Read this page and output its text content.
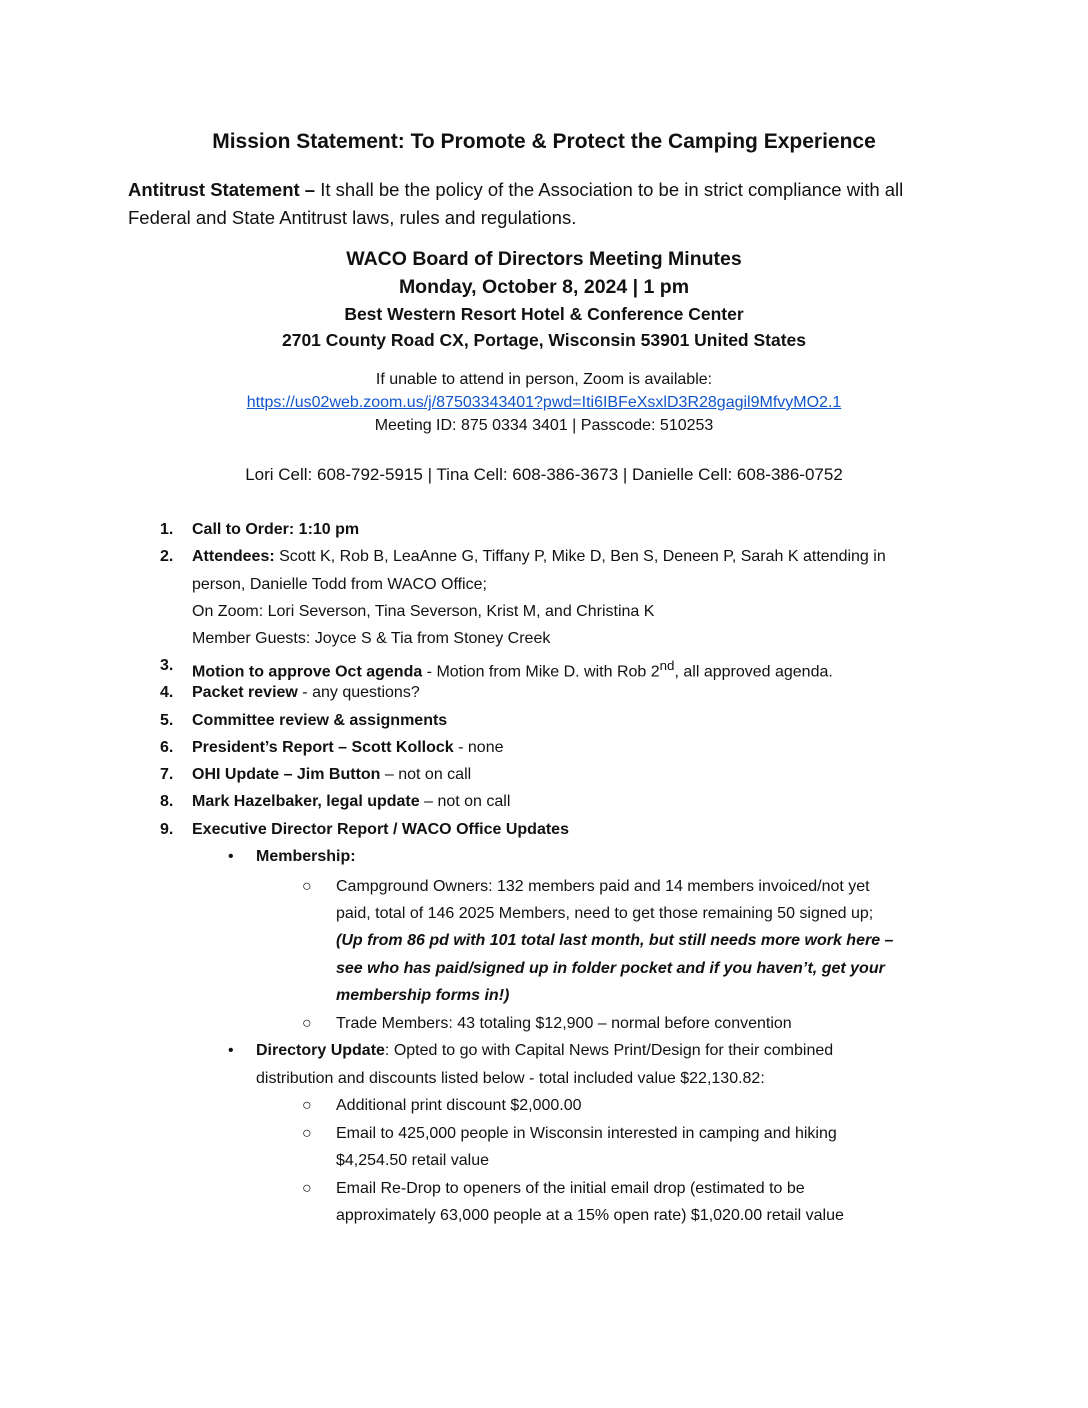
Mission Statement: To Promote & Protect the Camping Experience
Antitrust Statement – It shall be the policy of the Association to be in strict compliance with all Federal and State Antitrust laws, rules and regulations.
WACO Board of Directors Meeting Minutes
Monday, October 8, 2024 | 1 pm
Best Western Resort Hotel & Conference Center
2701 County Road CX, Portage, Wisconsin 53901 United States
If unable to attend in person, Zoom is available:
https://us02web.zoom.us/j/87503343401?pwd=Iti6IBFeXsxlD3R28gagil9MfvyMO2.1
Meeting ID: 875 0334 3401 | Passcode: 510253
Lori Cell: 608-792-5915 | Tina Cell: 608-386-3673 | Danielle Cell: 608-386-0752
1.	Call to Order: 1:10 pm
2.	Attendees: Scott K, Rob B, LeaAnne G, Tiffany P, Mike D, Ben S, Deneen P, Sarah K attending in
person, Danielle Todd from WACO Office;
On Zoom: Lori Severson, Tina Severson, Krist M, and Christina K
Member Guests: Joyce S & Tia from Stoney Creek
3.	Motion to approve Oct agenda - Motion from Mike D. with Rob 2nd, all approved agenda.
4.	Packet review - any questions?
5.	Committee review & assignments
6.	President’s Report – Scott Kollock - none
7.	OHI Update – Jim Button – not on call
8.	Mark Hazelbaker, legal update – not on call
9.	Executive Director Report / WACO Office Updates
• Membership:
○ Campground Owners: 132 members paid and 14 members invoiced/not yet
paid, total of 146 2025 Members, need to get those remaining 50 signed up;
(Up from 86 pd with 101 total last month, but still needs more work here –
see who has paid/signed up in folder pocket and if you haven’t, get your
membership forms in!)
○ Trade Members: 43 totaling $12,900 – normal before convention
• Directory Update: Opted to go with Capital News Print/Design for their combined
distribution and discounts listed below - total included value $22,130.82:
○ Additional print discount $2,000.00
○ Email to 425,000 people in Wisconsin interested in camping and hiking
$4,254.50 retail value
○ Email Re-Drop to openers of the initial email drop (estimated to be
approximately 63,000 people at a 15% open rate) $1,020.00 retail value
